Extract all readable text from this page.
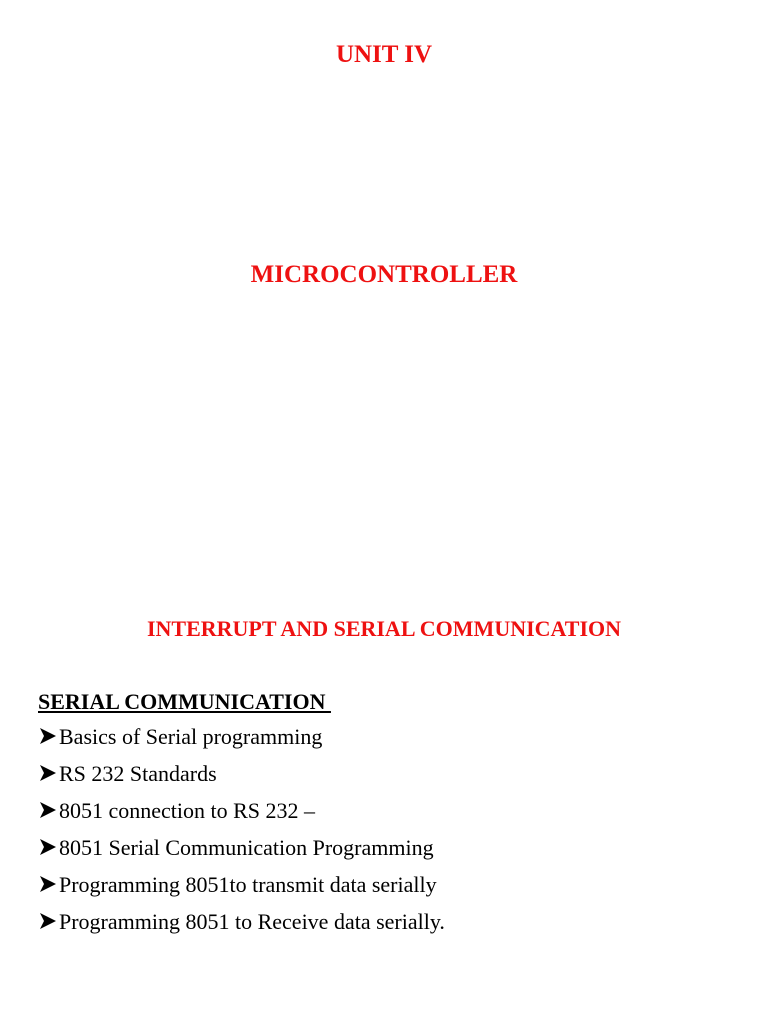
UNIT IV
MICROCONTROLLER
INTERRUPT AND SERIAL COMMUNICATION
SERIAL COMMUNICATION
Basics of Serial programming
RS 232 Standards
8051 connection to RS 232 –
8051 Serial Communication Programming
Programming 8051to transmit data serially
Programming 8051 to Receive data serially.
